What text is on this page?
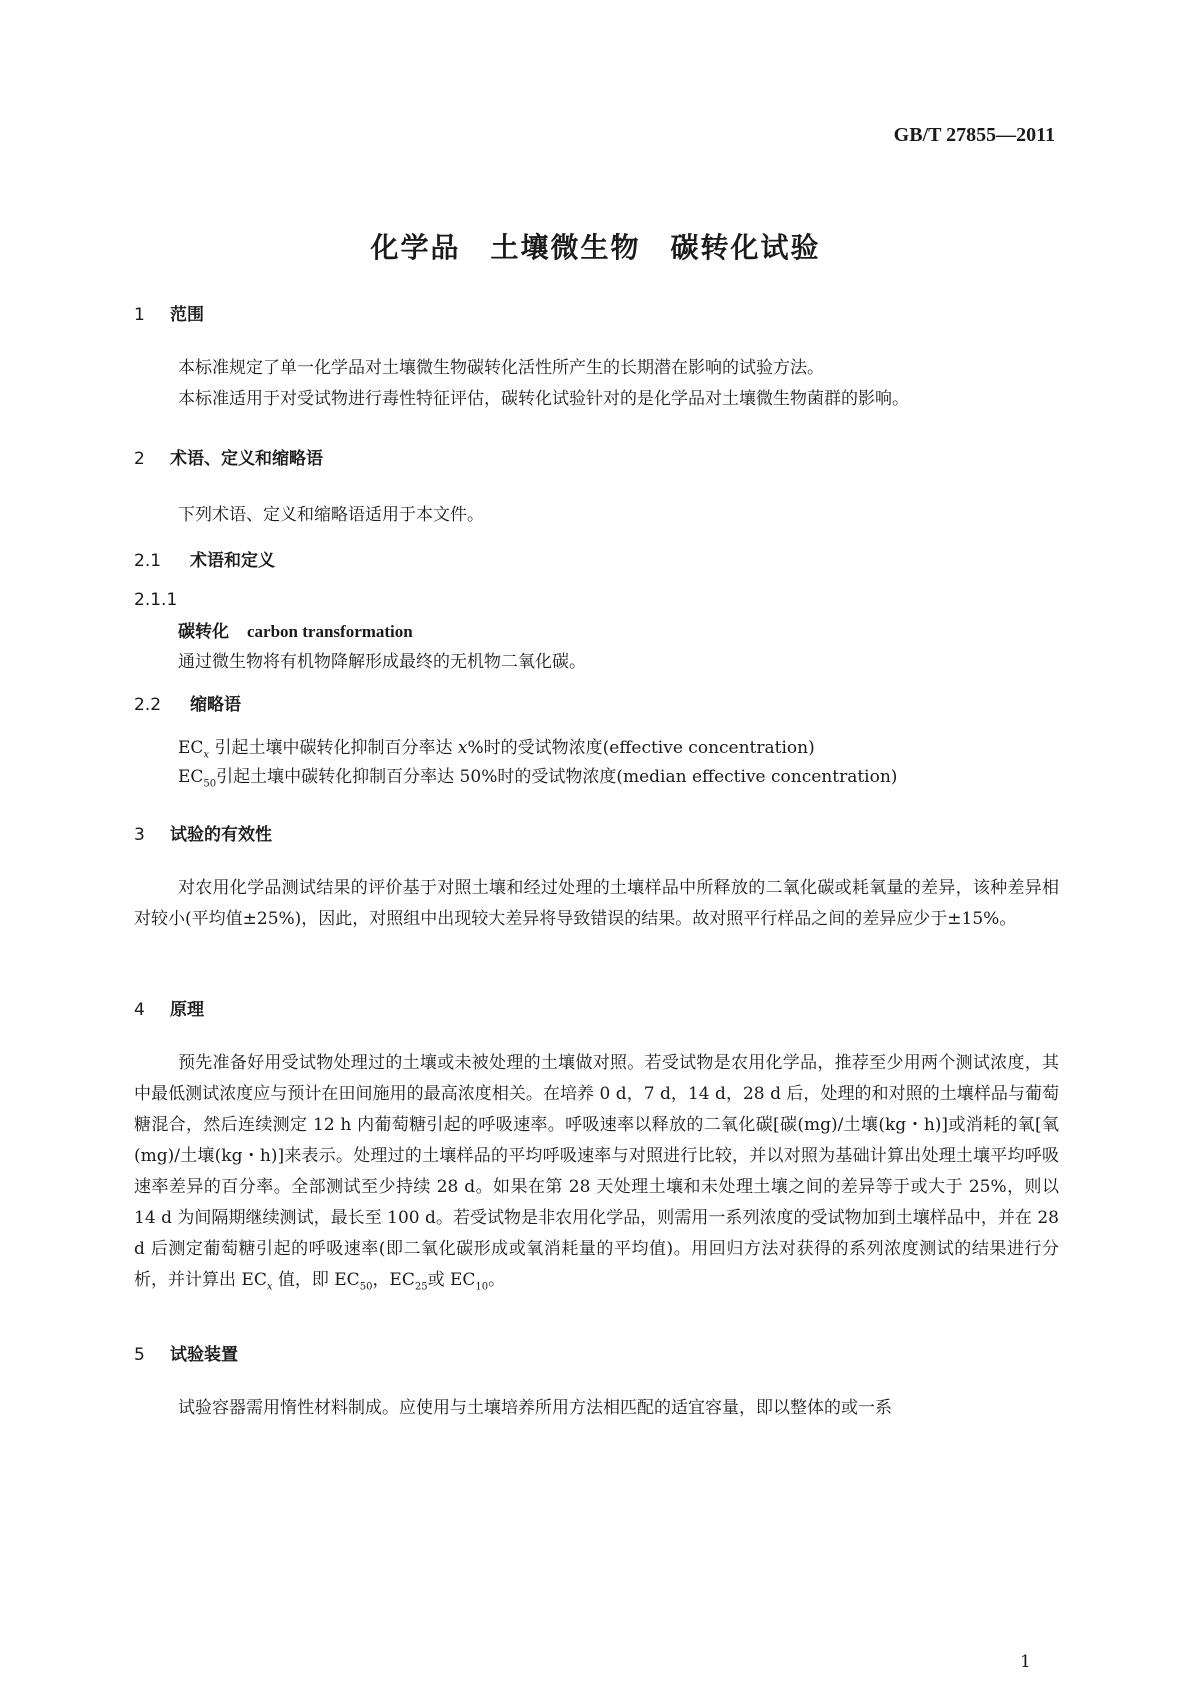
GB/T 27855—2011
化学品　土壤微生物　碳转化试验
1 范围
本标准规定了单一化学品对土壤微生物碳转化活性所产生的长期潜在影响的试验方法。
本标准适用于对受试物进行毒性特征评估，碳转化试验针对的是化学品对土壤微生物菌群的影响。
2 术语、定义和缩略语
下列术语、定义和缩略语适用于本文件。
2.1 术语和定义
2.1.1
碳转化 carbon transformation
通过微生物将有机物降解形成最终的无机物二氧化碳。
2.2 缩略语
$EC_x$ 引起土壤中碳转化抑制百分率达 x%时的受试物浓度(effective concentration)
$EC_{50}$引起土壤中碳转化抑制百分率达 50%时的受试物浓度(median effective concentration)
3 试验的有效性
对农用化学品测试结果的评价基于对照土壤和经过处理的土壤样品中所释放的二氧化碳或耗氧量的差异，该种差异相对较小(平均值±25%)，因此，对照组中出现较大差异将导致错误的结果。故对照平行样品之间的差异应少于±15%。
4 原理
预先准备好用受试物处理过的土壤或未被处理的土壤做对照。若受试物是农用化学品，推荐至少用两个测试浓度，其中最低测试浓度应与预计在田间施用的最高浓度相关。在培养 0 d，7 d，14 d，28 d 后，处理的和对照的土壤样品与葡萄糖混合，然后连续测定 12 h 内葡萄糖引起的呼吸速率。呼吸速率以释放的二氧化碳[碳(mg)/土壤(kg・h)]或消耗的氧[氧(mg)/土壤(kg・h)]来表示。处理过的土壤样品的平均呼吸速率与对照进行比较，并以对照为基础计算出处理土壤平均呼吸速率差异的百分率。全部测试至少持续 28 d。如果在第 28 天处理土壤和未处理土壤之间的差异等于或大于 25%，则以 14 d 为间隔期继续测试，最长至 100 d。若受试物是非农用化学品，则需用一系列浓度的受试物加到土壤样品中，并在 28 d 后测定葡萄糖引起的呼吸速率(即二氧化碳形成或氧消耗量的平均值)。用回归方法对获得的系列浓度测试的结果进行分析，并计算出 $EC_x$ 值，即 $EC_{50}$，$EC_{25}$或 $EC_{10}$。
5 试验装置
试验容器需用惰性材料制成。应使用与土壤培养所用方法相匹配的适宜容量，即以整体的或一系
1
